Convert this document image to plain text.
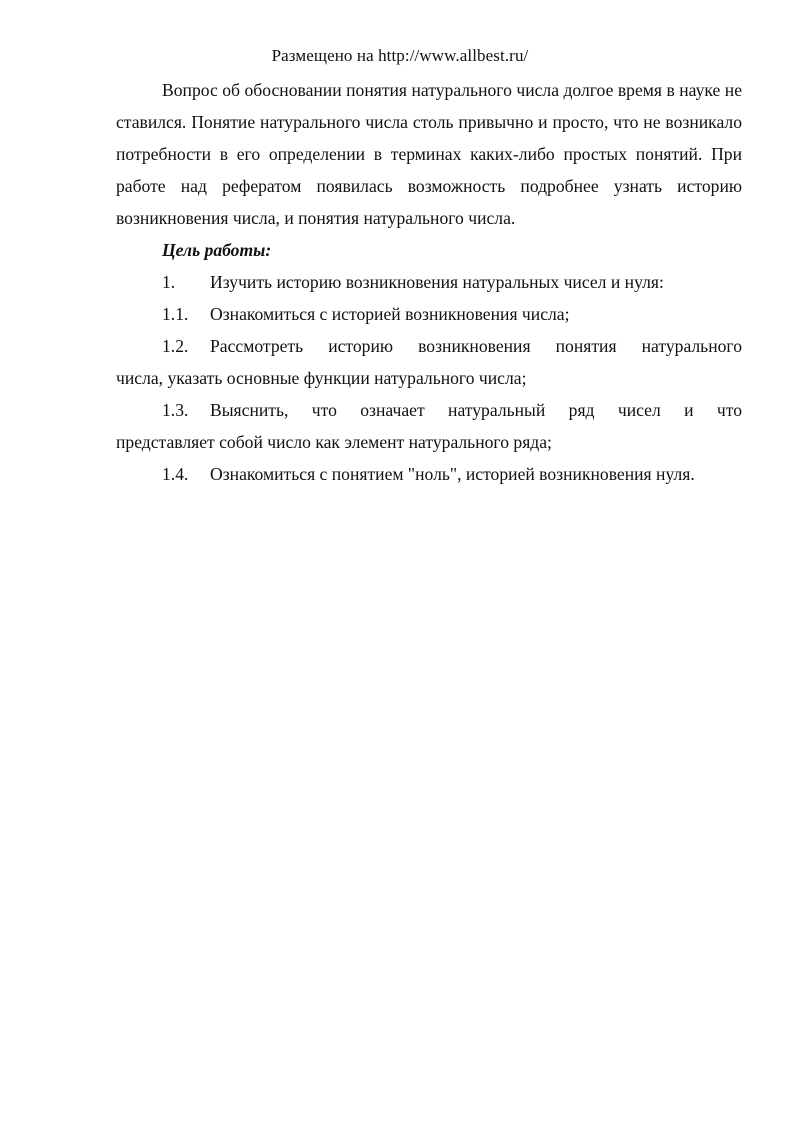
Размещено на http://www.allbest.ru/

Вопрос об обосновании понятия натурального числа долгое время в науке не ставился. Понятие натурального числа столь привычно и просто, что не возникало потребности в его определении в терминах каких-либо простых понятий. При работе над рефератом появилась возможность подробнее узнать историю возникновения числа, и понятия натурального числа.

Цель работы:

1. Изучить историю возникновения натуральных чисел и нуля:

1.1. Ознакомиться с историей возникновения числа;

1.2. Рассмотреть историю возникновения понятия натурального

числа, указать основные функции натурального числа;

1.3. Выяснить, что означает натуральный ряд чисел и что

представляет собой число как элемент натурального ряда;

1.4. Ознакомиться с понятием "ноль", историей возникновения нуля.
